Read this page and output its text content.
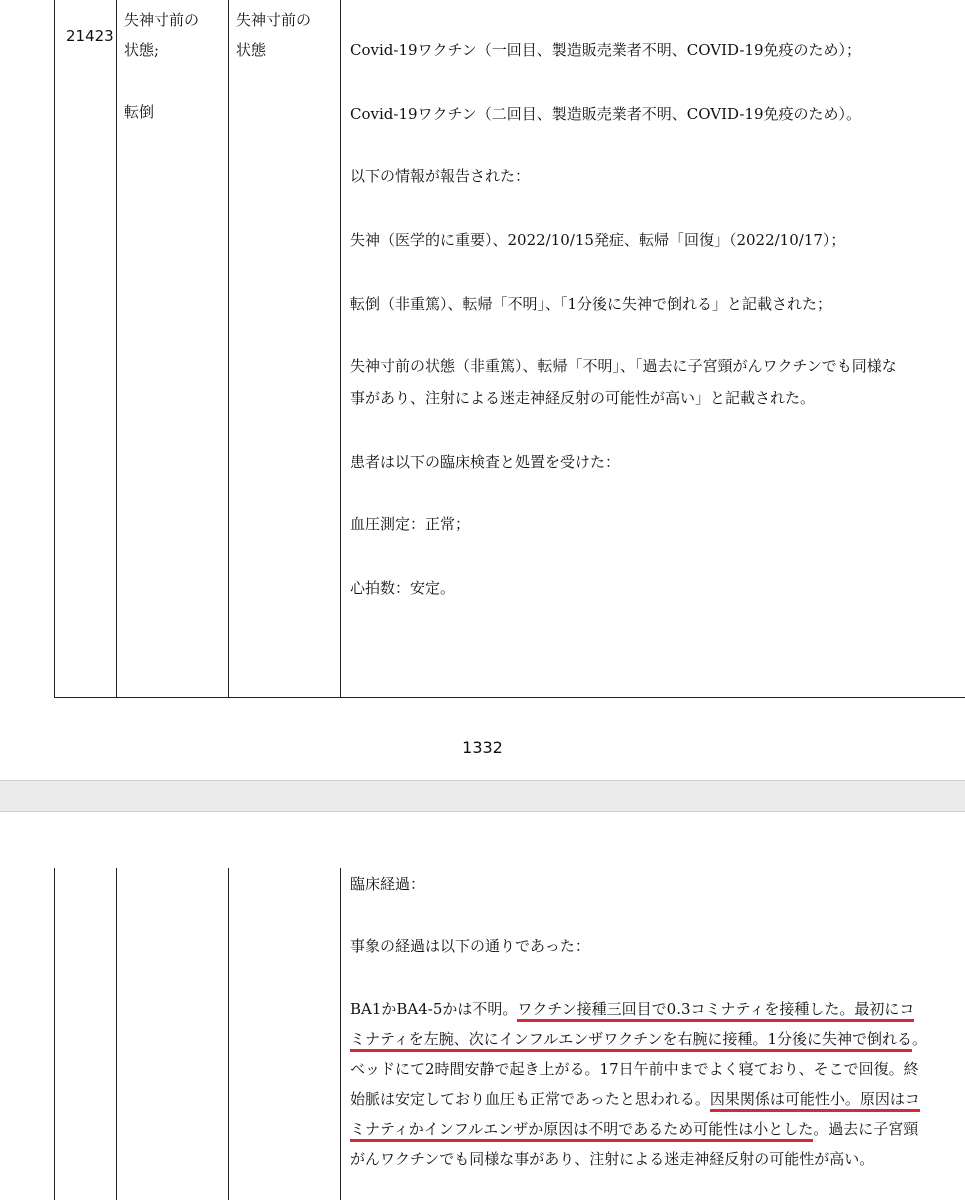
21423
失神寸前の
状態;
転倒
失神寸前の
状態	Covid-19ワクチン（一回目、製造販売業者不明、COVID-19免疫のため）；
Covid-19ワクチン（二回目、製造販売業者不明、COVID-19免疫のため）。
以下の情報が報告された：
失神（医学的に重要）、2022/10/15発症、転帰「回復」（2022/10/17）；
転倒（非重篤）、転帰「不明」、「1分後に失神で倒れる」と記載された；
失神寸前の状態（非重篤）、転帰「不明」、「過去に子宮頸がんワクチンでも同様な
事があり、注射による迷走神経反射の可能性が高い」と記載された。
患者は以下の臨床検査と処置を受けた：
血圧測定：正常；
心拍数：安定。
1332
臨床経過：
事象の経過は以下の通りであった：
BA1かBA4-5かは不明。ワクチン接種三回目で0.3コミナティを接種した。最初にコ
ミナティを左腕、次にインフルエンザワクチンを右腕に接種。1分後に失神で倒れる。
ベッドにて2時間安静で起き上がる。17日午前中までよく寝ており、そこで回復。終
始脈は安定しており血圧も正常であったと思われる。因果関係は可能性小。原因はコ
ミナティかインフルエンザか原因は不明であるため可能性は小とした。過去に子宮頸
がんワクチンでも同様な事があり、注射による迷走神経反射の可能性が高い。
